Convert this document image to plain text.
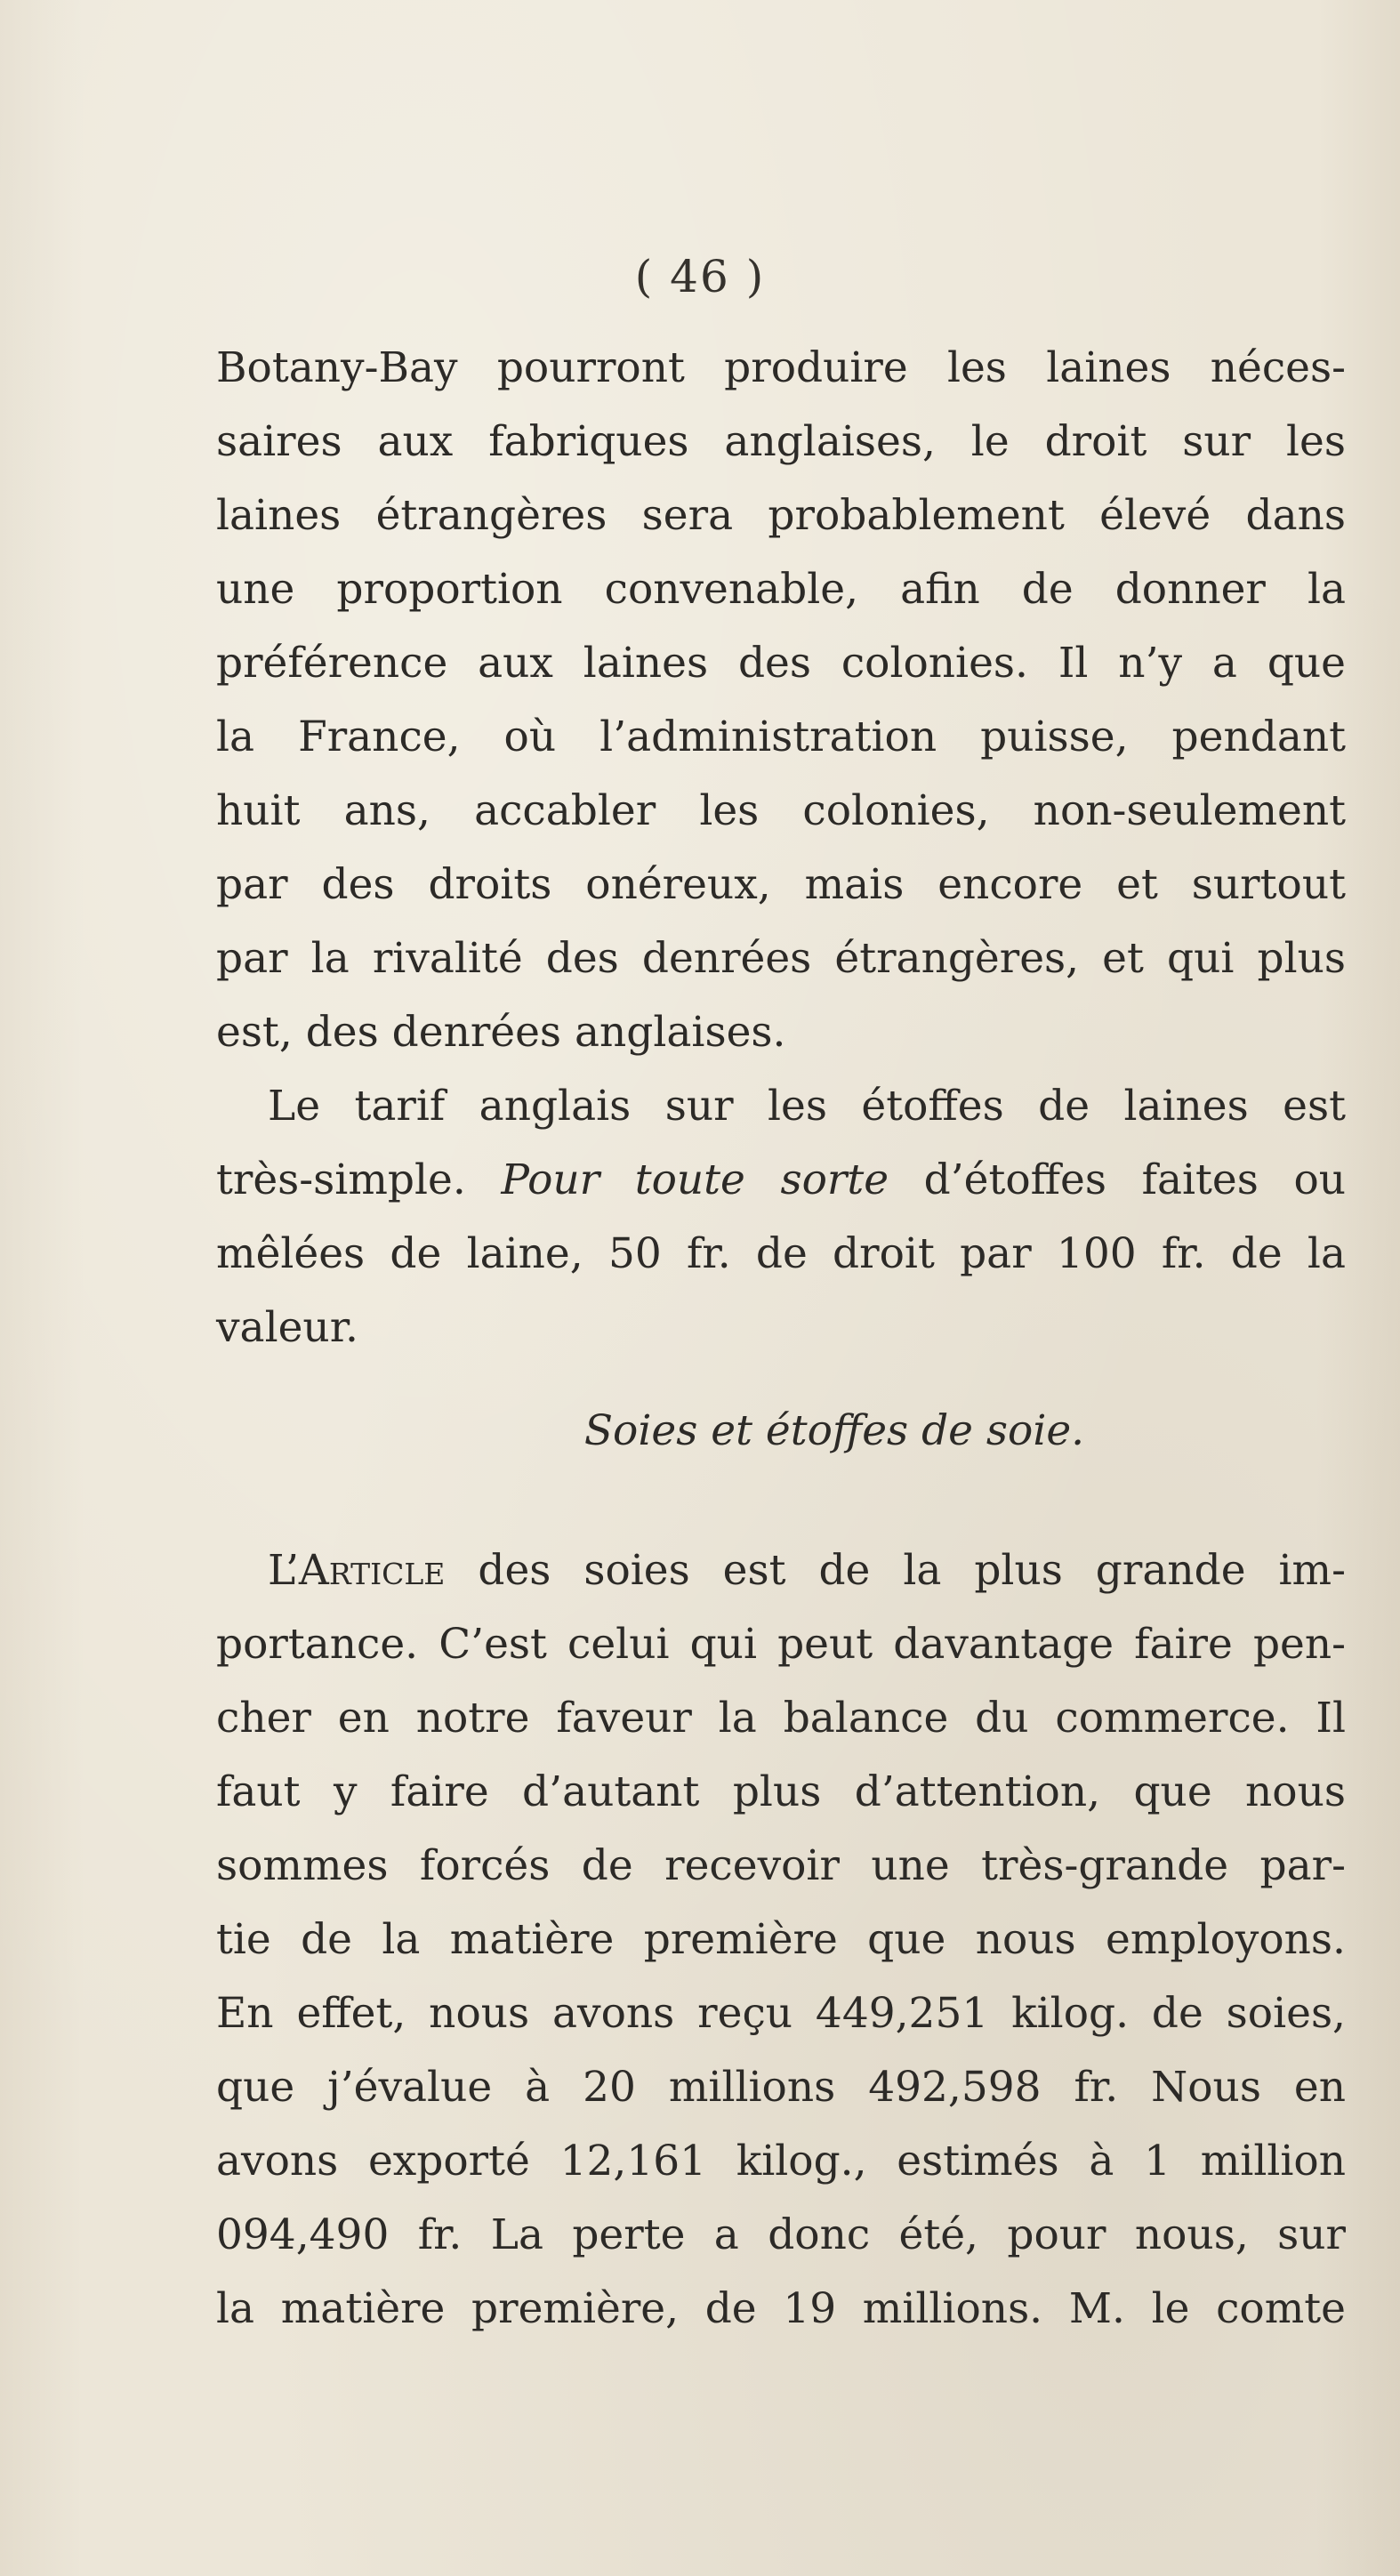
( 46 )
Botany-Bay pourront produire les laines néces-
saires aux fabriques anglaises, le droit sur les
laines étrangères sera probablement élevé dans
une proportion convenable, afin de donner la
préférence aux laines des colonies. Il n’y a que
la France, où l’administration puisse, pendant
huit ans, accabler les colonies, non-seulement
par des droits onéreux, mais encore et surtout
par la rivalité des denrées étrangères, et qui plus
est, des denrées anglaises.
Le tarif anglais sur les étoffes de laines est
très-simple. Pour toute sorte d’étoffes faites ou
mêlées de laine, 50 fr. de droit par 100 fr. de la
valeur.
Soies et étoffes de soie.
L’Article des soies est de la plus grande im-
portance. C’est celui qui peut davantage faire pen-
cher en notre faveur la balance du commerce. Il
faut y faire d’autant plus d’attention, que nous
sommes forcés de recevoir une très-grande par-
tie de la matière première que nous employons.
En effet, nous avons reçu 449,251 kilog. de soies,
que j’évalue à 20 millions 492,598 fr. Nous en
avons exporté 12,161 kilog., estimés à 1 million
094,490 fr. La perte a donc été, pour nous, sur
la matière première, de 19 millions. M. le comte
